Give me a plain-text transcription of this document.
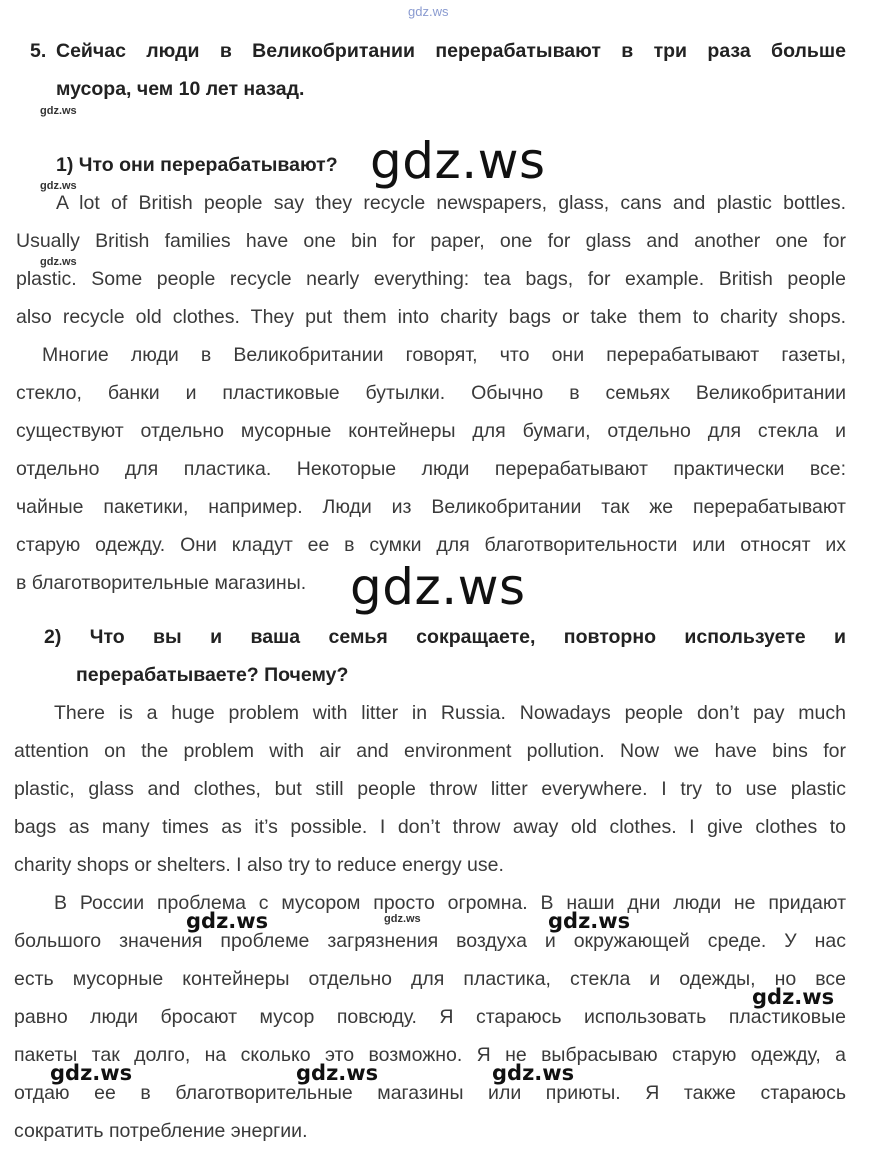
gdz.ws
5. Сейчас люди в Великобритании перерабатывают в три раза больше
мусора, чем 10 лет назад.
gdz.ws
1) Что они перерабатывают? gdz.ws
gdz.ws
A lot of British people say they recycle newspapers, glass, cans and plastic bottles.
Usually British families have one bin for paper, one for glass and another one for
gdz.ws
plastic. Some people recycle nearly everything: tea bags, for example. British people
also recycle old clothes. They put them into charity bags or take them to charity shops.
Многие люди в Великобритании говорят, что они перерабатывают газеты,
стекло, банки и пластиковые бутылки. Обычно в семьях Великобритании
существуют отдельно мусорные контейнеры для бумаги, отдельно для стекла и
отдельно для пластика. Некоторые люди перерабатывают практически все:
чайные пакетики, например. Люди из Великобритании так же перерабатывают
старую одежду. Они кладут ее в сумки для благотворительности или относят их
в благотворительные магазины. gdz.ws
2) Что вы и ваша семья сокращаете, повторно используете и
перерабатываете? Почему?
There is a huge problem with litter in Russia. Nowadays people don’t pay much
attention on the problem with air and environment pollution. Now we have bins for
plastic, glass and clothes, but still people throw litter everywhere. I try to use plastic
bags as many times as it’s possible. I don’t throw away old clothes. I give clothes to
charity shops or shelters. I also try to reduce energy use.
В России проблема с мусором просто огромна. В наши дни люди не придают
gdz.ws	gdz.ws	gdz.ws
большого значения проблеме загрязнения воздуха и окружающей среде. У нас
есть мусорные контейнеры отдельно для пластика, стекла и одежды, но все
gdz.ws
равно люди бросают мусор повсюду. Я стараюсь использовать пластиковые
пакеты так долго, на сколько это возможно. Я не выбрасываю старую одежду, а
gdz.ws	gdz.ws	gdz.ws
отдаю ее в благотворительные магазины или приюты. Я также стараюсь
сократить потребление энергии.
